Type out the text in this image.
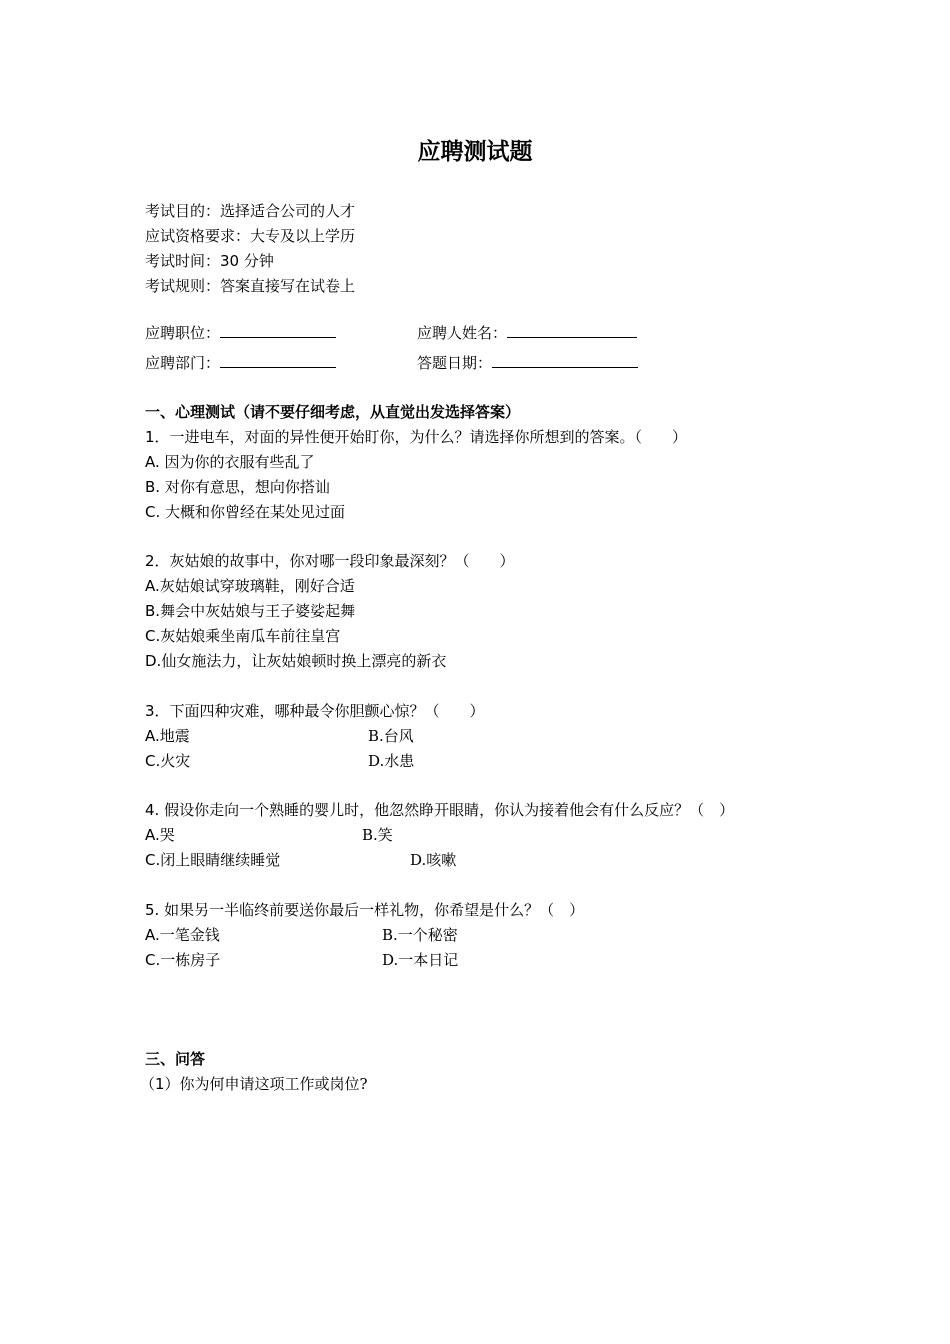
应聘测试题
考试目的：选择适合公司的人才
应试资格要求：大专及以上学历
考试时间：30 分钟
考试规则：答案直接写在试卷上
应聘职位：	应聘人姓名：
应聘部门：	答题日期：
一、心理测试（请不要仔细考虑，从直觉出发选择答案）
1．一进电车，对面的异性便开始盯你，为什么？请选择你所想到的答案。（　　）
A. 因为你的衣服有些乱了
B. 对你有意思，想向你搭讪
C. 大概和你曾经在某处见过面
2．灰姑娘的故事中，你对哪一段印象最深刻？（　　）
A.灰姑娘试穿玻璃鞋，刚好合适
B.舞会中灰姑娘与王子婆娑起舞
C.灰姑娘乘坐南瓜车前往皇宫
D.仙女施法力，让灰姑娘顿时换上漂亮的新衣
3．下面四种灾难，哪种最令你胆颤心惊？（　　）
A.地震	B.台风
C.火灾	D.水患
4. 假设你走向一个熟睡的婴儿时，他忽然睁开眼睛，你认为接着他会有什么反应？（　）
A.哭	B.笑
C.闭上眼睛继续睡觉	D.咳嗽
5. 如果另一半临终前要送你最后一样礼物，你希望是什么？（　）
A.一笔金钱	B.一个秘密
C.一栋房子	D.一本日记
三、问答
（1）你为何申请这项工作或岗位?
